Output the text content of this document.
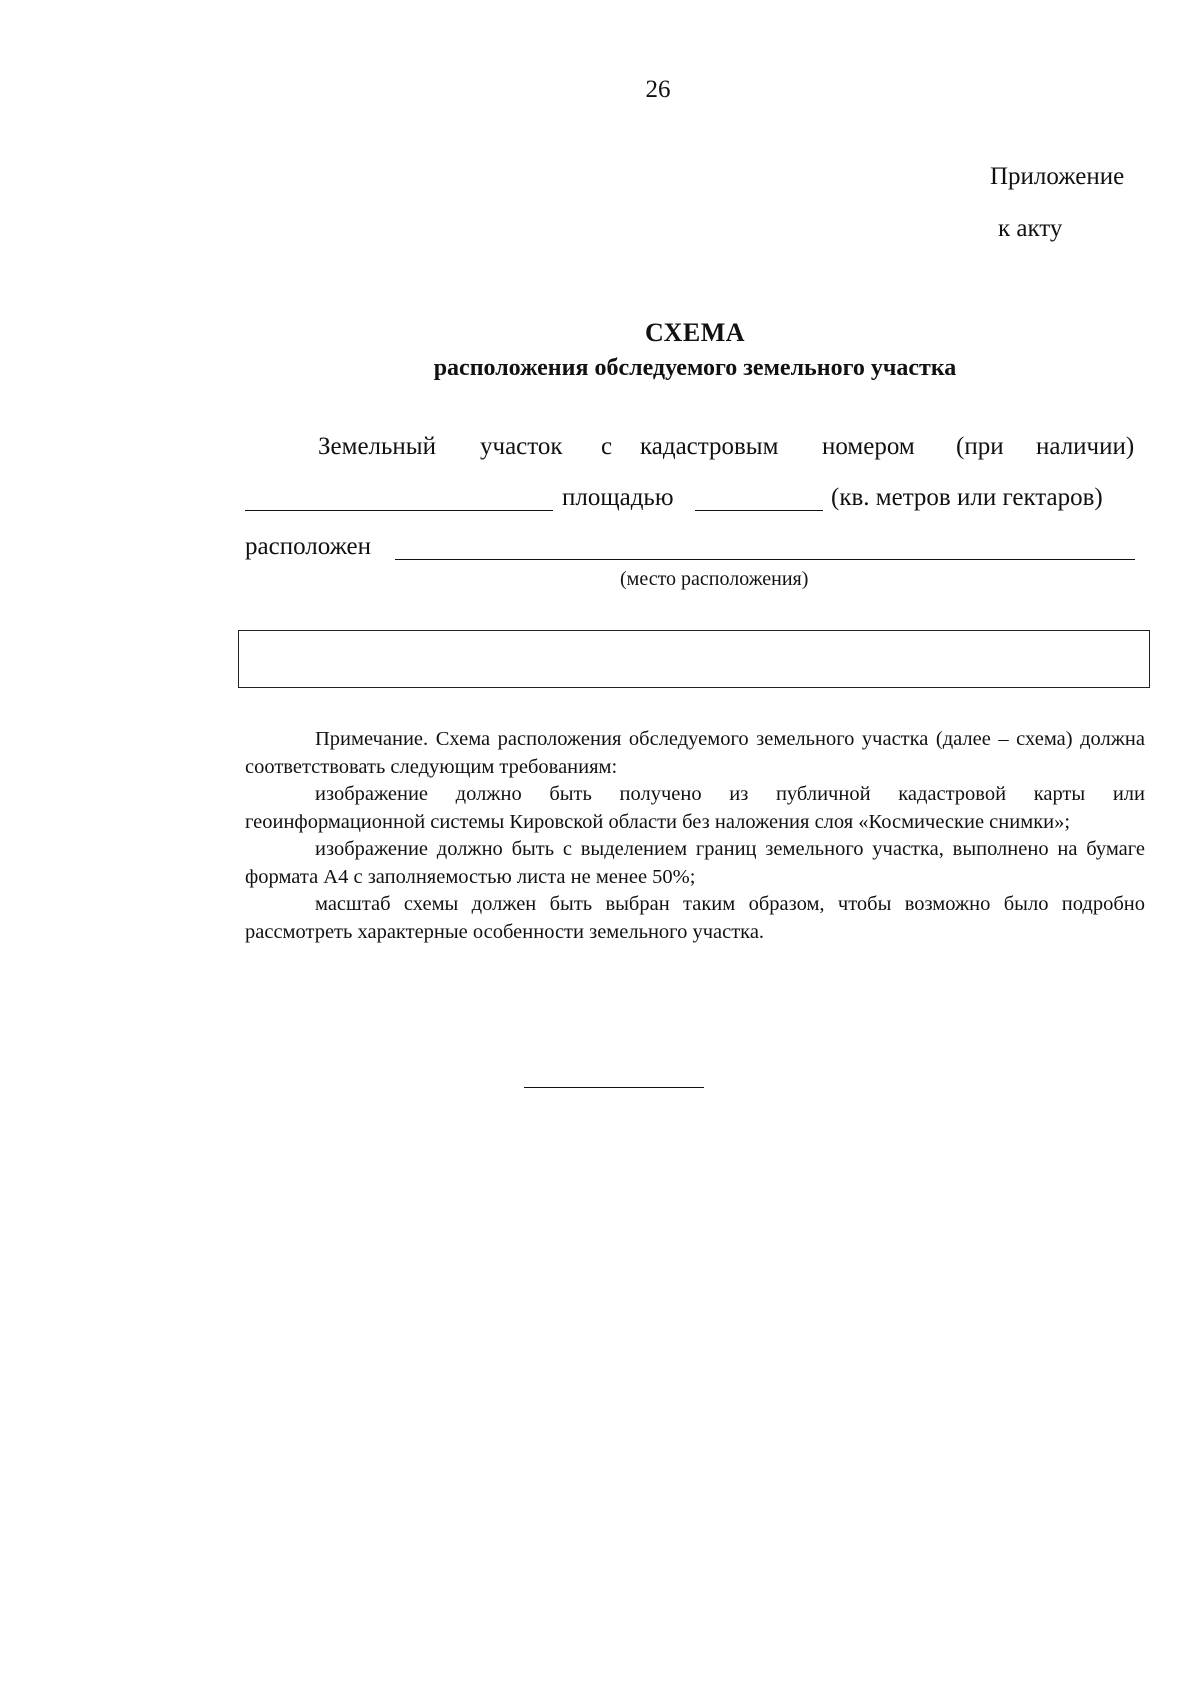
26
Приложение
к акту
СХЕМА
расположения обследуемого земельного участка
Земельный участок с кадастровым номером (при наличии)
площадью	(кв. метров или гектаров)
расположен
(место расположения)

Примечание. Схема расположения обследуемого земельного участка (далее – схема) должна соответствовать следующим требованиям:

изображение должно быть получено из публичной кадастровой карты или геоинформационной системы Кировской области без наложения слоя «Космические снимки»;

изображение должно быть с выделением границ земельного участка, выполнено на бумаге формата А4 с заполняемостью листа не менее 50%;

масштаб схемы должен быть выбран таким образом, чтобы возможно было подробно рассмотреть характерные особенности земельного участка.
